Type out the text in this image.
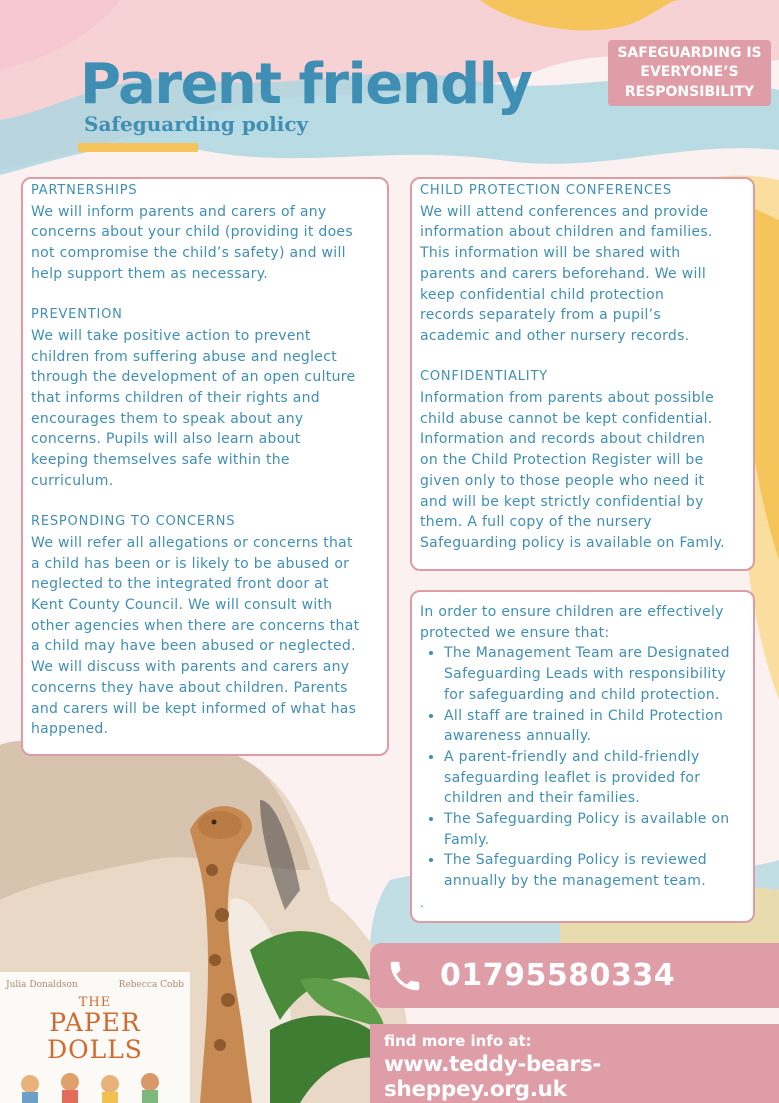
Julia Donaldson	Rebecca Cobb
THE
PAPER
DOLLS
Parent friendly
Safeguarding policy
SAFEGUARDING IS
EVERYONE’S
RESPONSIBILITY

PARTNERSHIPS

We will inform parents and carers of any

concerns about your child (providing it does

not compromise the child’s safety) and will

help support them as necessary.

PREVENTION

We will take positive action to prevent

children from suffering abuse and neglect

through the development of an open culture

that informs children of their rights and

encourages them to speak about any

concerns. Pupils will also learn about

keeping themselves safe within the

curriculum.

RESPONDING TO CONCERNS

We will refer all allegations or concerns that

a child has been or is likely to be abused or

neglected to the integrated front door at

Kent County Council. We will consult with

other agencies when there are concerns that

a child may have been abused or neglected.

We will discuss with parents and carers any

concerns they have about children. Parents

and carers will be kept informed of what has

happened.

CHILD PROTECTION CONFERENCES

We will attend conferences and provide

information about children and families.

This information will be shared with

parents and carers beforehand. We will

keep confidential child protection

records separately from a pupil’s

academic and other nursery records.

CONFIDENTIALITY

Information from parents about possible

child abuse cannot be kept confidential.

Information and records about children

on the Child Protection Register will be

given only to those people who need it

and will be kept strictly confidential by

them. A full copy of the nursery

Safeguarding policy is available on Famly.

In order to ensure children are effectively

protected we ensure that:

• The Management Team are Designated
Safeguarding Leads with responsibility
for safeguarding and child protection.
• All staff are trained in Child Protection
awareness annually.
• A parent-friendly and child-friendly
safeguarding leaflet is provided for
children and their families.
• The Safeguarding Policy is available on
Famly.
• The Safeguarding Policy is reviewed
annually by the management team.

.

01795580334
find more info at:
www.teddy-bears-sheppey.org.uk
